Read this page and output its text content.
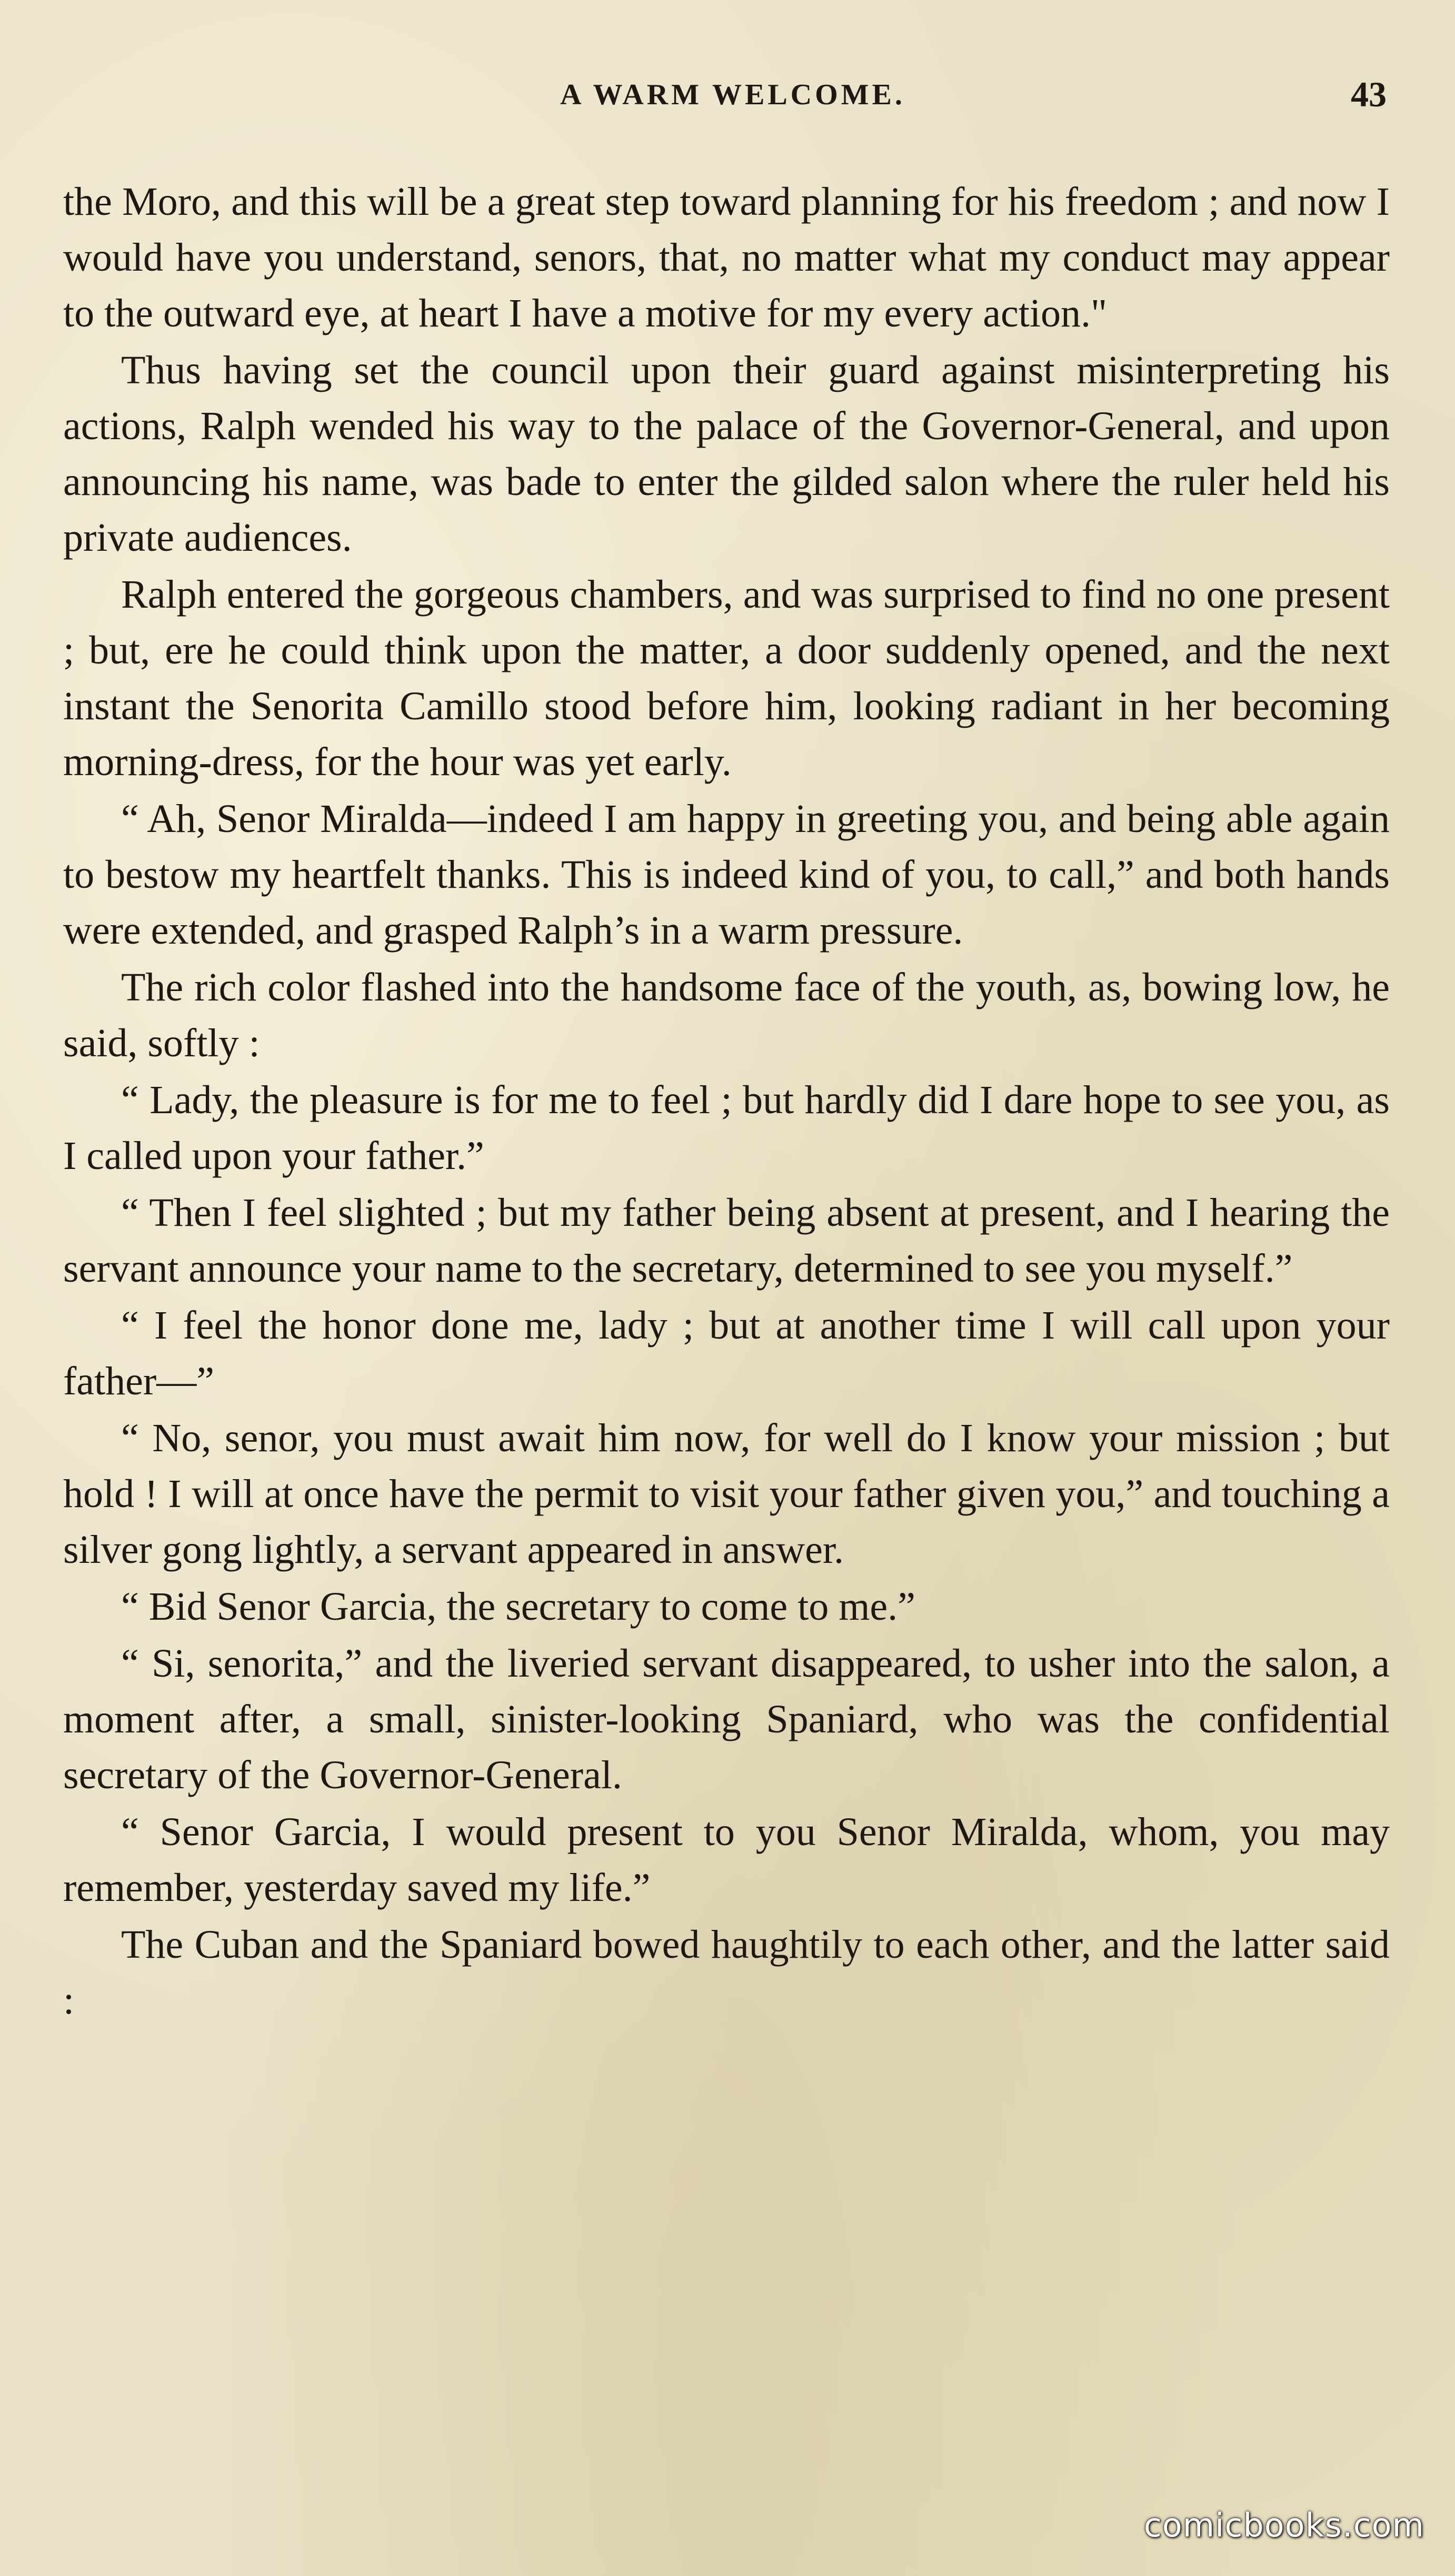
A WARM WELCOME.	43

the Moro, and this will be a great step toward planning for his freedom ; and now I would have you understand, senors, that, no matter what my conduct may appear to the outward eye, at heart I have a motive for my every action."

Thus having set the council upon their guard against misinterpreting his actions, Ralph wended his way to the palace of the Governor-General, and upon announcing his name, was bade to enter the gilded salon where the ruler held his private audiences.

Ralph entered the gorgeous chambers, and was surprised to find no one present ; but, ere he could think upon the matter, a door suddenly opened, and the next instant the Senorita Camillo stood before him, looking radiant in her becoming morning-dress, for the hour was yet early.

“ Ah, Senor Miralda—indeed I am happy in greeting you, and being able again to bestow my heartfelt thanks. This is indeed kind of you, to call,” and both hands were extended, and grasped Ralph’s in a warm pressure.

The rich color flashed into the handsome face of the youth, as, bowing low, he said, softly :

“ Lady, the pleasure is for me to feel ; but hardly did I dare hope to see you, as I called upon your father.”

“ Then I feel slighted ; but my father being absent at present, and I hearing the servant announce your name to the secretary, determined to see you myself.”

“ I feel the honor done me, lady ; but at another time I will call upon your father—”

“ No, senor, you must await him now, for well do I know your mission ; but hold ! I will at once have the permit to visit your father given you,” and touching a silver gong lightly, a servant appeared in answer.

“ Bid Senor Garcia, the secretary to come to me.”

“ Si, senorita,” and the liveried servant disappeared, to usher into the salon, a moment after, a small, sinister-looking Spaniard, who was the confidential secretary of the Governor-General.

“ Senor Garcia, I would present to you Senor Miralda, whom, you may remember, yesterday saved my life.”

The Cuban and the Spaniard bowed haughtily to each other, and the latter said :

comicbooks.com
